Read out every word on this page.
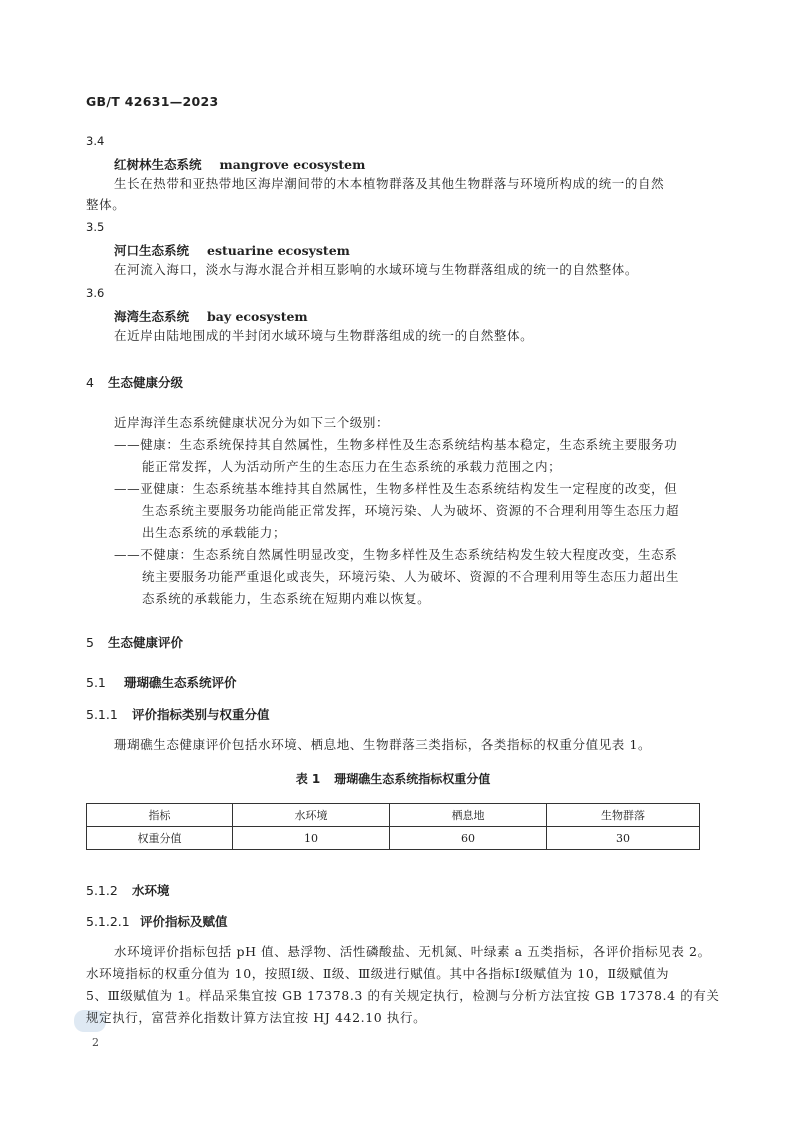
GB/T 42631—2023
3.4
红树林生态系统 mangrove ecosystem
生长在热带和亚热带地区海岸潮间带的木本植物群落及其他生物群落与环境所构成的统一的自然
整体。
3.5
河口生态系统 estuarine ecosystem
在河流入海口，淡水与海水混合并相互影响的水域环境与生物群落组成的统一的自然整体。
3.6
海湾生态系统 bay ecosystem
在近岸由陆地围成的半封闭水域环境与生物群落组成的统一的自然整体。
4 生态健康分级
近岸海洋生态系统健康状况分为如下三个级别：
——健康：生态系统保持其自然属性，生物多样性及生态系统结构基本稳定，生态系统主要服务功
能正常发挥，人为活动所产生的生态压力在生态系统的承载力范围之内；
——亚健康：生态系统基本维持其自然属性，生物多样性及生态系统结构发生一定程度的改变，但
生态系统主要服务功能尚能正常发挥，环境污染、人为破坏、资源的不合理利用等生态压力超
出生态系统的承载能力；
——不健康：生态系统自然属性明显改变，生物多样性及生态系统结构发生较大程度改变，生态系
统主要服务功能严重退化或丧失，环境污染、人为破坏、资源的不合理利用等生态压力超出生
态系统的承载能力，生态系统在短期内难以恢复。
5 生态健康评价
5.1 珊瑚礁生态系统评价
5.1.1 评价指标类别与权重分值
珊瑚礁生态健康评价包括水环境、栖息地、生物群落三类指标，各类指标的权重分值见表 1。
表 1 珊瑚礁生态系统指标权重分值
指标	水环境	栖息地	生物群落
权重分值	10	60	30
5.1.2 水环境
5.1.2.1 评价指标及赋值
水环境评价指标包括 pH 值、悬浮物、活性磷酸盐、无机氮、叶绿素 a 五类指标，各评价指标见表 2。
水环境指标的权重分值为 10，按照Ⅰ级、Ⅱ级、Ⅲ级进行赋值。其中各指标Ⅰ级赋值为 10，Ⅱ级赋值为
5、Ⅲ级赋值为 1。样品采集宜按 GB 17378.3 的有关规定执行，检测与分析方法宜按 GB 17378.4 的有关
规定执行，富营养化指数计算方法宜按 HJ 442.10 执行。
2
